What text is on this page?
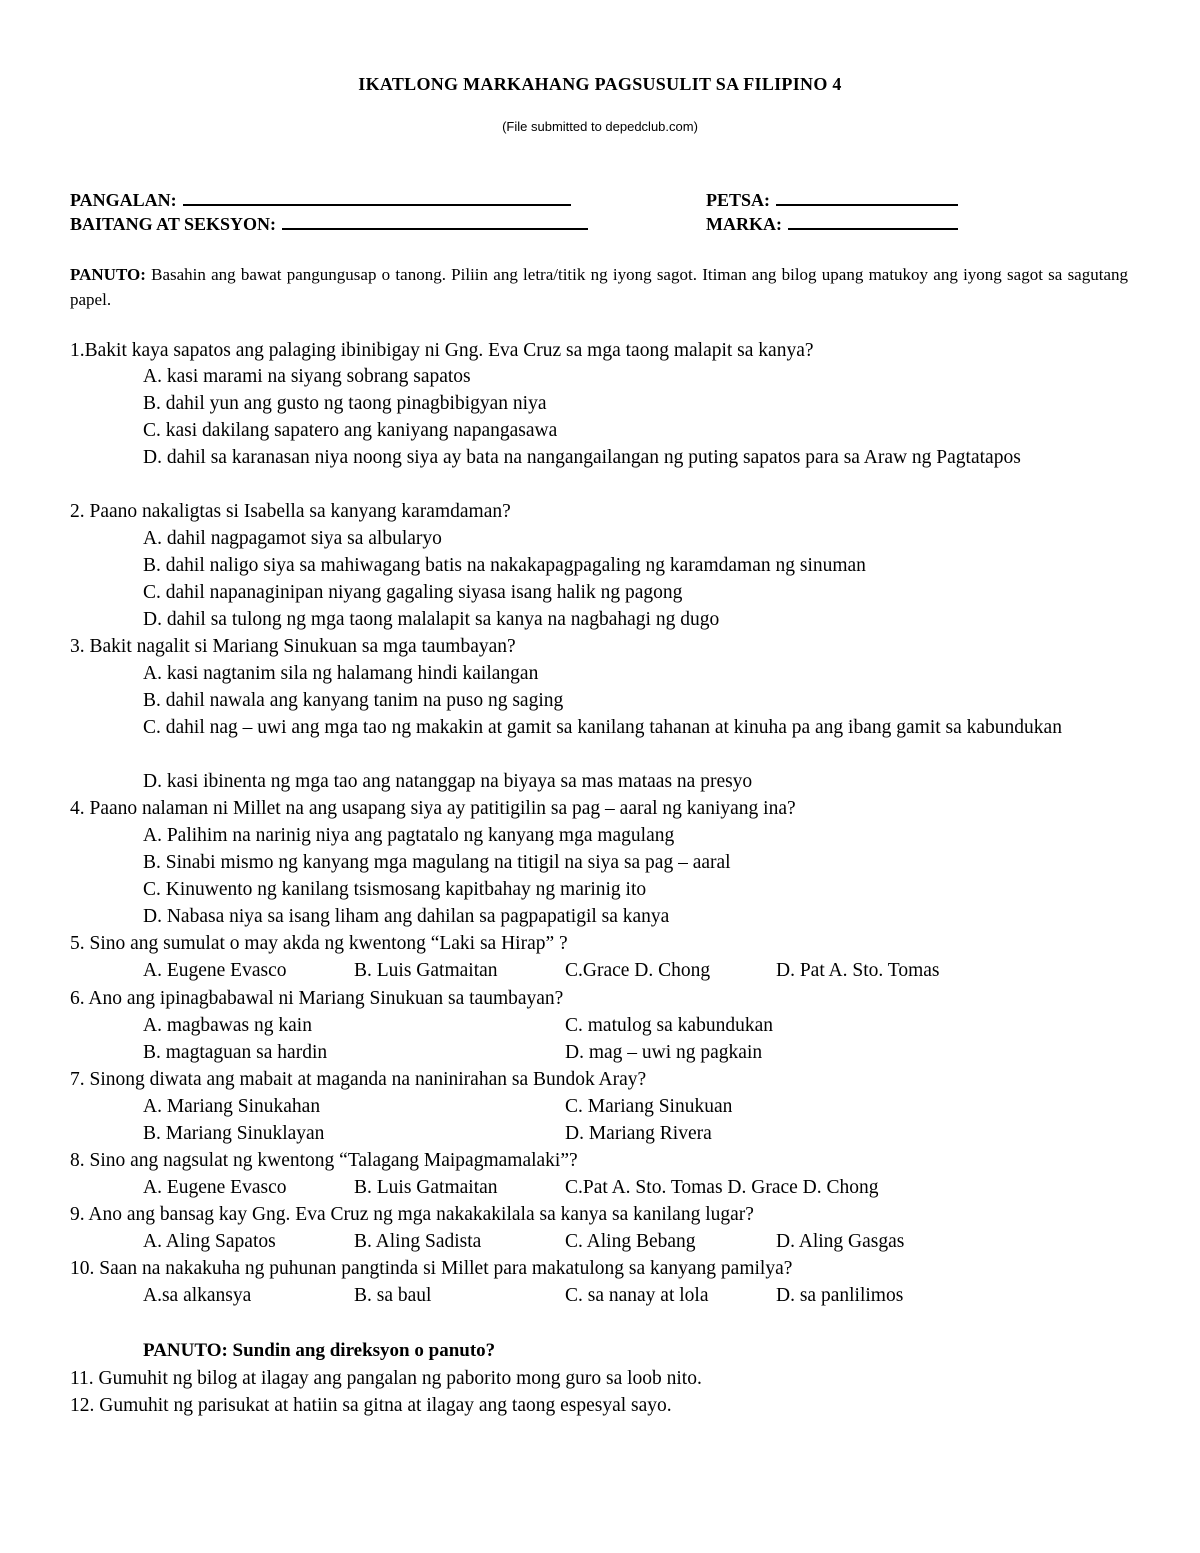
IKATLONG MARKAHANG PAGSUSULIT SA FILIPINO 4
(File submitted to depedclub.com)
PANGALAN:	PETSA:
BAITANG AT SEKSYON:	MARKA:
PANUTO: Basahin ang bawat pangungusap o tanong. Piliin ang letra/titik ng iyong sagot. Itiman ang bilog upang matukoy ang iyong sagot sa sagutang papel.
1.Bakit kaya sapatos ang palaging ibinibigay ni Gng. Eva Cruz sa mga taong malapit sa kanya?
A. kasi marami na siyang sobrang sapatos
B. dahil yun ang gusto ng taong pinagbibigyan niya
C. kasi dakilang sapatero ang kaniyang napangasawa
D. dahil sa karanasan niya noong siya ay bata na nangangailangan ng puting sapatos para sa Araw ng Pagtatapos
2. Paano nakaligtas si Isabella sa kanyang karamdaman?
A. dahil nagpagamot siya sa albularyo
B. dahil naligo siya sa mahiwagang batis na nakakapagpagaling ng karamdaman ng sinuman
C. dahil napanaginipan niyang gagaling siyasa isang halik ng pagong
D. dahil sa tulong ng mga taong malalapit sa kanya na nagbahagi ng dugo
3. Bakit nagalit si Mariang Sinukuan sa mga taumbayan?
A. kasi nagtanim sila ng halamang hindi kailangan
B. dahil nawala ang kanyang tanim na puso ng saging
C. dahil nag – uwi ang mga tao ng makakin at gamit sa kanilang tahanan at kinuha pa ang ibang gamit sa kabundukan
D. kasi ibinenta ng mga tao ang natanggap na biyaya sa mas mataas na presyo
4. Paano nalaman ni Millet na ang usapang siya ay patitigilin sa pag – aaral ng kaniyang ina?
A. Palihim na narinig niya ang pagtatalo ng kanyang mga magulang
B. Sinabi mismo ng kanyang mga magulang na titigil na siya sa pag – aaral
C. Kinuwento ng kanilang tsismosang kapitbahay ng marinig ito
D. Nabasa niya sa isang liham ang dahilan sa pagpapatigil sa kanya
5. Sino ang sumulat o may akda ng kwentong “Laki sa Hirap” ?
A. Eugene Evasco	B. Luis Gatmaitan	C.Grace D. Chong	D. Pat A. Sto. Tomas
6. Ano ang ipinagbabawal ni Mariang Sinukuan sa taumbayan?
A. magbawas ng kain	C. matulog sa kabundukan
B. magtaguan sa hardin	D. mag – uwi ng pagkain
7. Sinong diwata ang mabait at maganda na naninirahan sa Bundok Aray?
A. Mariang Sinukahan	C. Mariang Sinukuan
B. Mariang Sinuklayan	D. Mariang Rivera
8. Sino ang nagsulat ng kwentong “Talagang Maipagmamalaki”?
A. Eugene Evasco	B. Luis Gatmaitan	C.Pat A. Sto. Tomas D. Grace D. Chong
9. Ano ang bansag kay Gng. Eva Cruz ng mga nakakakilala sa kanya sa kanilang lugar?
A. Aling Sapatos	B. Aling Sadista	C. Aling Bebang	D. Aling Gasgas
10. Saan na nakakuha ng puhunan pangtinda si Millet para makatulong sa kanyang pamilya?
A.sa alkansya	B. sa baul	C. sa nanay at lola	D. sa panlilimos
PANUTO: Sundin ang direksyon o panuto?
11. Gumuhit ng bilog at ilagay ang pangalan ng paborito mong guro sa loob nito.
12. Gumuhit ng parisukat at hatiin sa gitna at ilagay ang taong espesyal sayo.
